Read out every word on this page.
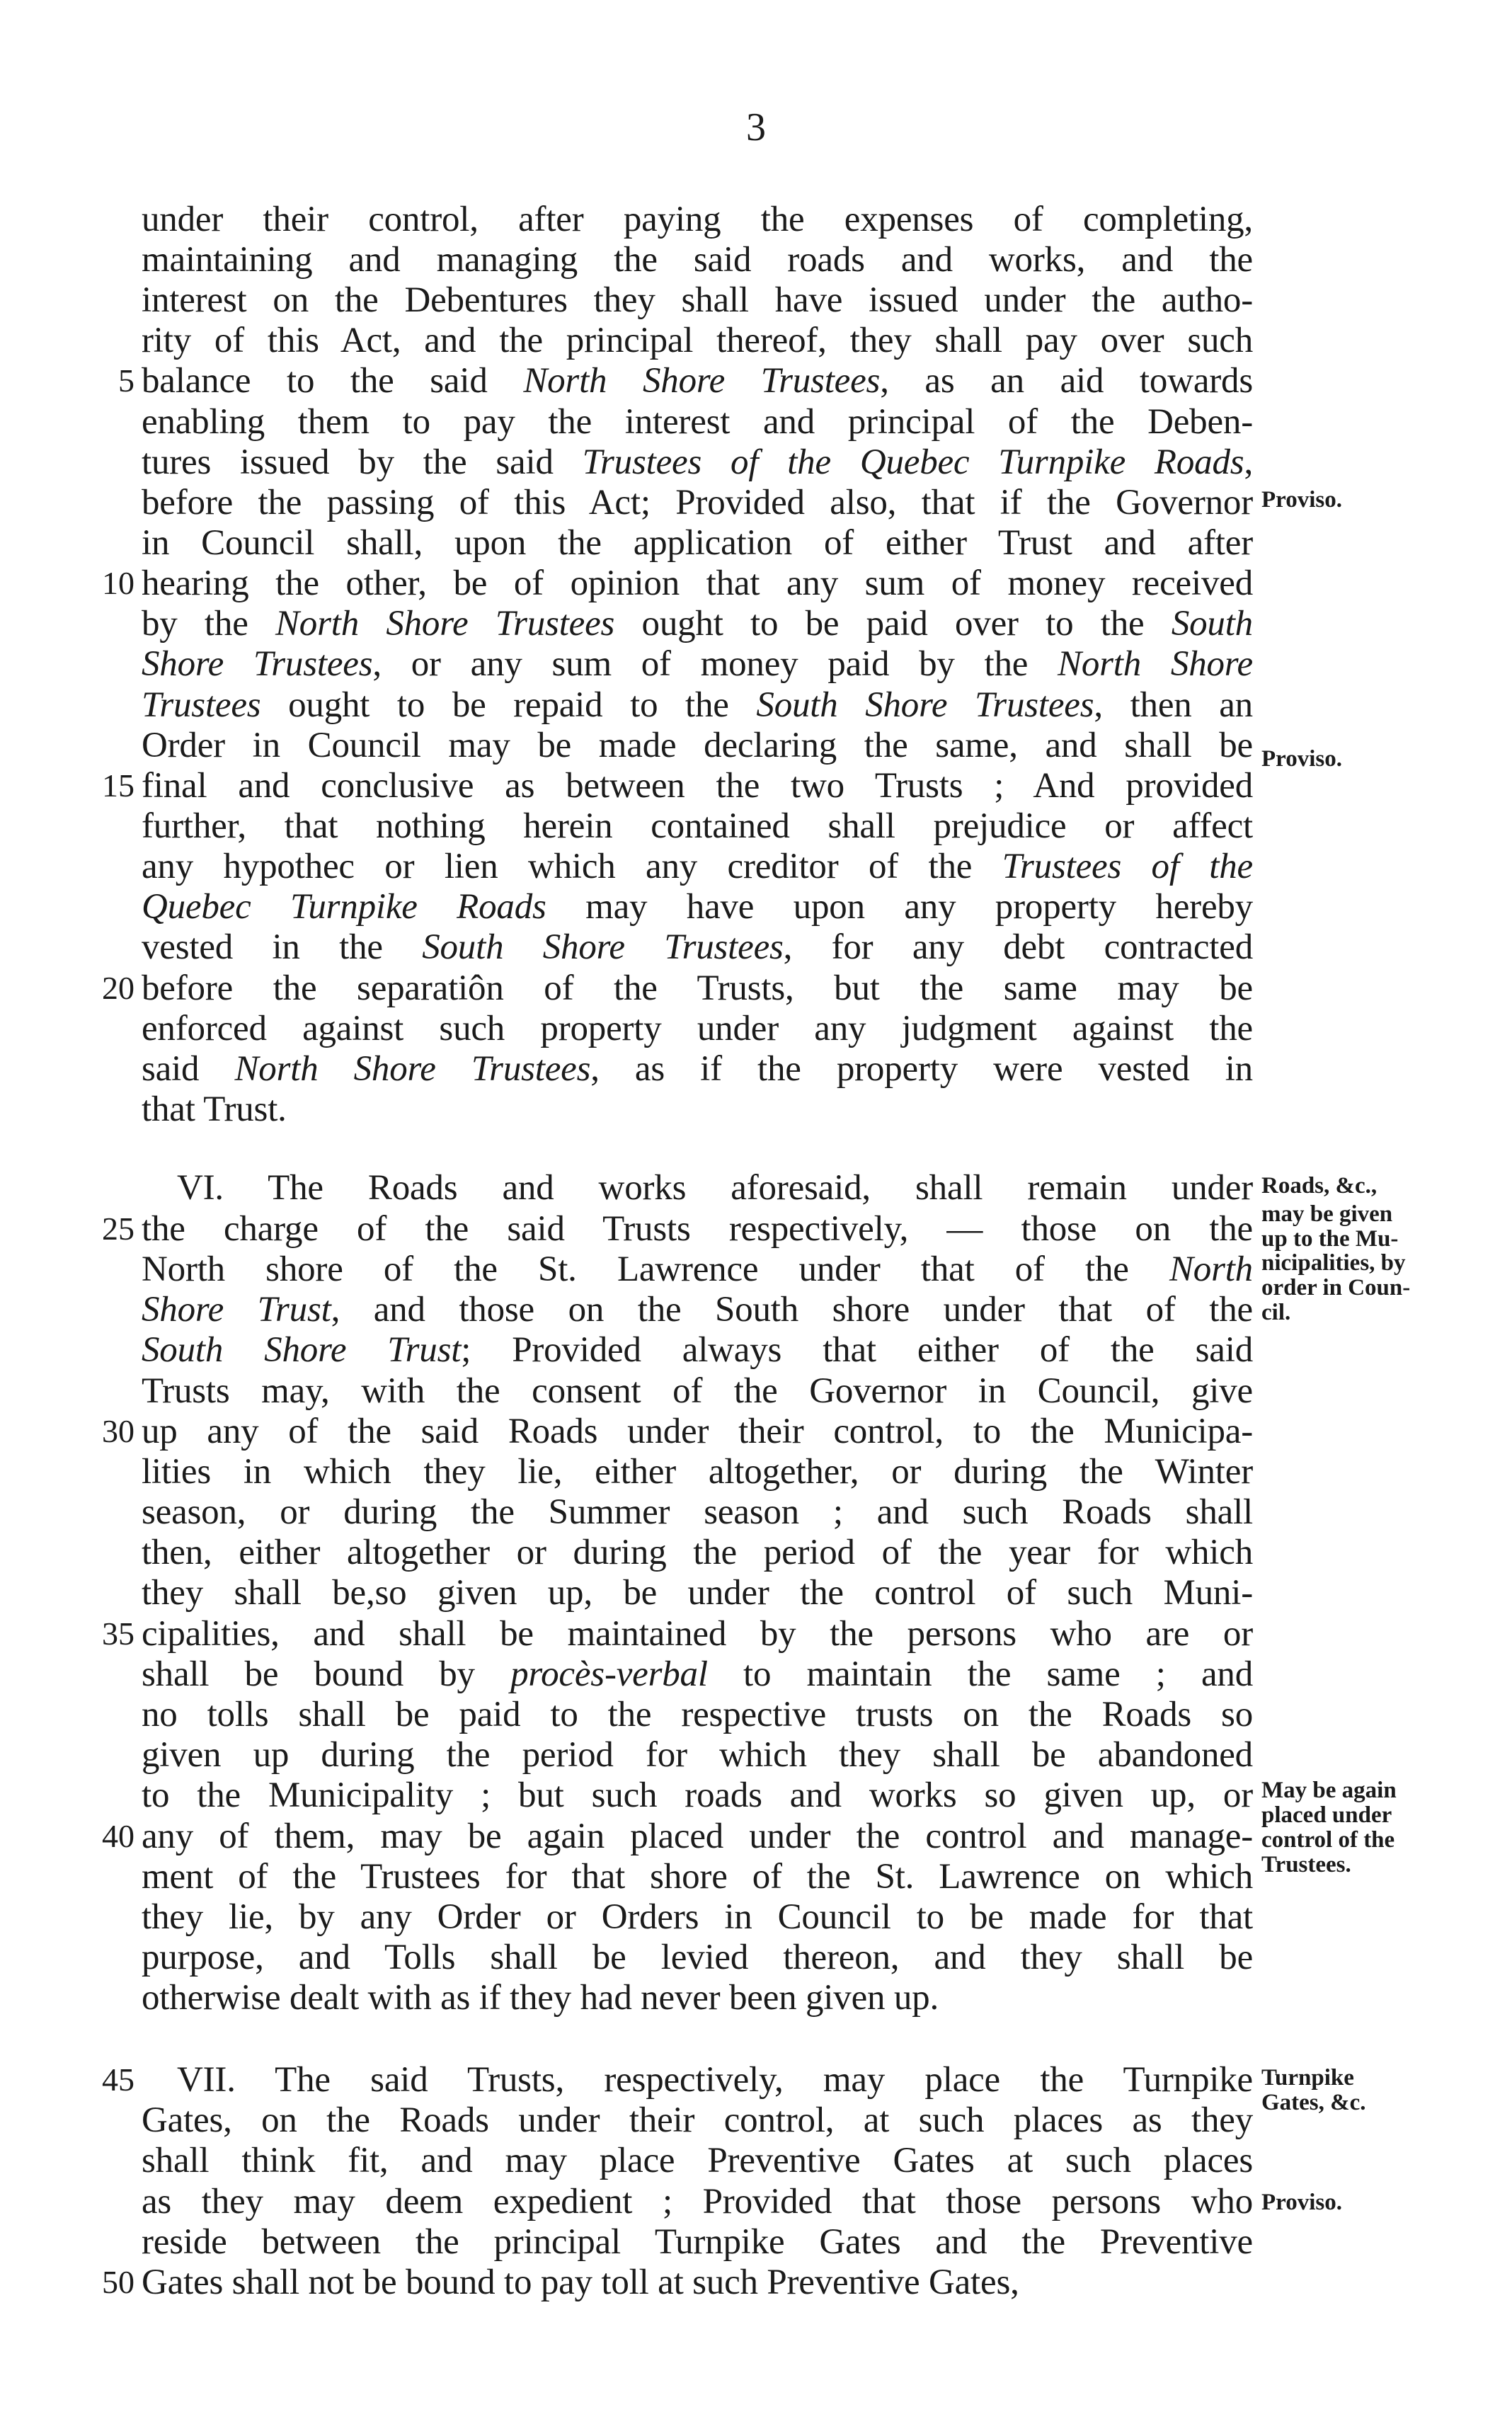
3
under their control, after paying the expenses of completing,
maintaining and managing the said roads and works, and the
interest on the Debentures they shall have issued under the autho-
rity of this Act, and the principal thereof, they shall pay over such
balance to the said North Shore Trustees, as an aid towards
enabling them to pay the interest and principal of the Deben-
tures issued by the said Trustees of the Quebec Turnpike Roads,
before the passing of this Act; Provided also, that if the Governor
in Council shall, upon the application of either Trust and after
hearing the other, be of opinion that any sum of money received
by the North Shore Trustees ought to be paid over to the South
Shore Trustees, or any sum of money paid by the North Shore
Trustees ought to be repaid to the South Shore Trustees, then an
Order in Council may be made declaring the same, and shall be
final and conclusive as between the two Trusts ; And provided
further, that nothing herein contained shall prejudice or affect
any hypothec or lien which any creditor of the Trustees of the
Quebec Turnpike Roads may have upon any property hereby
vested in the South Shore Trustees, for any debt contracted
before the separatiôn of the Trusts, but the same may be
enforced against such property under any judgment against the
said North Shore Trustees, as if the property were vested in
that Trust.
VI. The Roads and works aforesaid, shall remain under
the charge of the said Trusts respectively, — those on the
North shore of the St. Lawrence under that of the North
Shore Trust, and those on the South shore under that of the
South Shore Trust; Provided always that either of the said
Trusts may, with the consent of the Governor in Council, give
up any of the said Roads under their control, to the Municipa-
lities in which they lie, either altogether, or during the Winter
season, or during the Summer season ; and such Roads shall
then, either altogether or during the period of the year for which
they shall be,so given up, be under the control of such Muni-
cipalities, and shall be maintained by the persons who are or
shall be bound by procès-verbal to maintain the same ; and
no tolls shall be paid to the respective trusts on the Roads so
given up during the period for which they shall be abandoned
to the Municipality ; but such roads and works so given up, or
any of them, may be again placed under the control and manage-
ment of the Trustees for that shore of the St. Lawrence on which
they lie, by any Order or Orders in Council to be made for that
purpose, and Tolls shall be levied thereon, and they shall be
otherwise dealt with as if they had never been given up.
VII. The said Trusts, respectively, may place the Turnpike
Gates, on the Roads under their control, at such places as they
shall think fit, and may place Preventive Gates at such places
as they may deem expedient ; Provided that those persons who
reside between the principal Turnpike Gates and the Preventive
Gates shall not be bound to pay toll at such Preventive Gates,
5
10
15
20
25
30
35
40
45
50
Proviso.
Proviso.
Roads, &c.,
may be given
up to the Mu-
nicipalities, by
order in Coun-
cil.
May be again
placed under
control of the
Trustees.
Turnpike
Gates, &c.
Proviso.
